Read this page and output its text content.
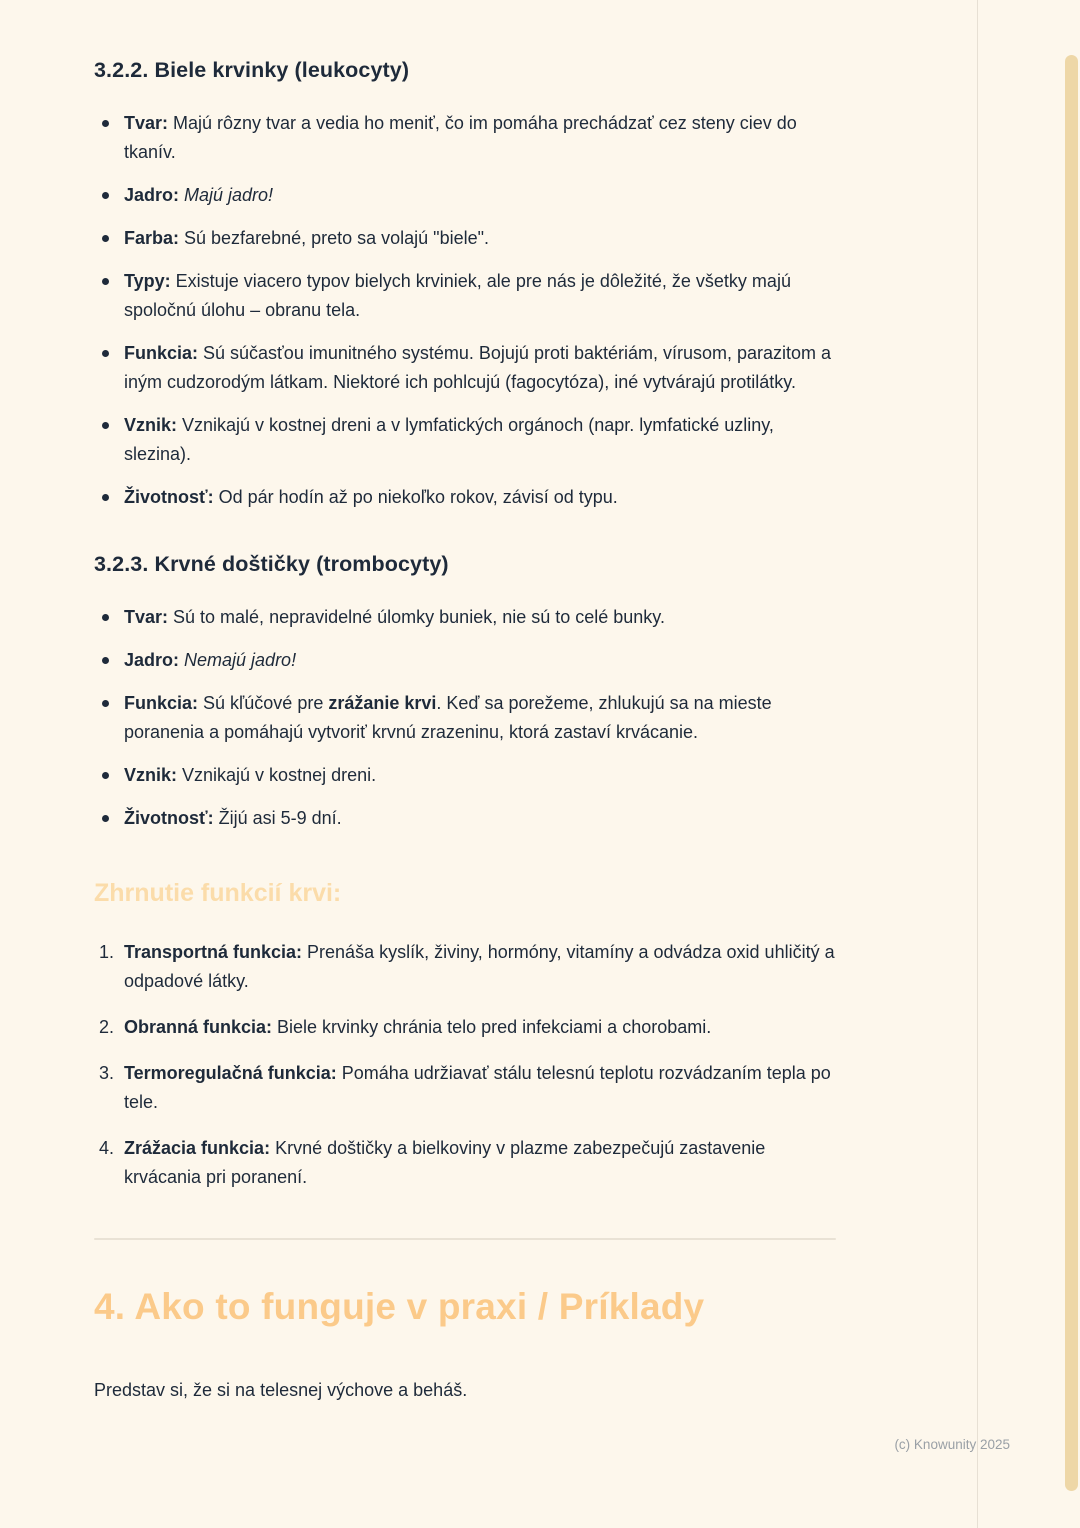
3.2.2. Biele krvinky (leukocyty)
Tvar: Majú rôzny tvar a vedia ho meniť, čo im pomáha prechádzať cez steny ciev do tkanív.
Jadro: Majú jadro!
Farba: Sú bezfarebné, preto sa volajú "biele".
Typy: Existuje viacero typov bielych krviniek, ale pre nás je dôležité, že všetky majú spoločnú úlohu – obranu tela.
Funkcia: Sú súčasťou imunitného systému. Bojujú proti baktériám, vírusom, parazitom a iným cudzorodým látkam. Niektoré ich pohlcujú (fagocytóza), iné vytvárajú protilátky.
Vznik: Vznikajú v kostnej dreni a v lymfatických orgánoch (napr. lymfatické uzliny, slezina).
Životnosť: Od pár hodín až po niekoľko rokov, závisí od typu.
3.2.3. Krvné doštičky (trombocyty)
Tvar: Sú to malé, nepravidelné úlomky buniek, nie sú to celé bunky.
Jadro: Nemajú jadro!
Funkcia: Sú kľúčové pre zrážanie krvi. Keď sa porežeme, zhlukujú sa na mieste poranenia a pomáhajú vytvoriť krvnú zrazeninu, ktorá zastaví krvácanie.
Vznik: Vznikajú v kostnej dreni.
Životnosť: Žijú asi 5-9 dní.
Zhrnutie funkcií krvi:
1. Transportná funkcia: Prenáša kyslík, živiny, hormóny, vitamíny a odvádza oxid uhličitý a odpadové látky.
2. Obranná funkcia: Biele krvinky chránia telo pred infekciami a chorobami.
3. Termoregulačná funkcia: Pomáha udržiavať stálu telesnú teplotu rozvádzaním tepla po tele.
4. Zrážacia funkcia: Krvné doštičky a bielkoviny v plazme zabezpečujú zastavenie krvácania pri poranení.
4. Ako to funguje v praxi / Príklady

Predstav si, že si na telesnej výchove a beháš.

(c) Knowunity 2025
